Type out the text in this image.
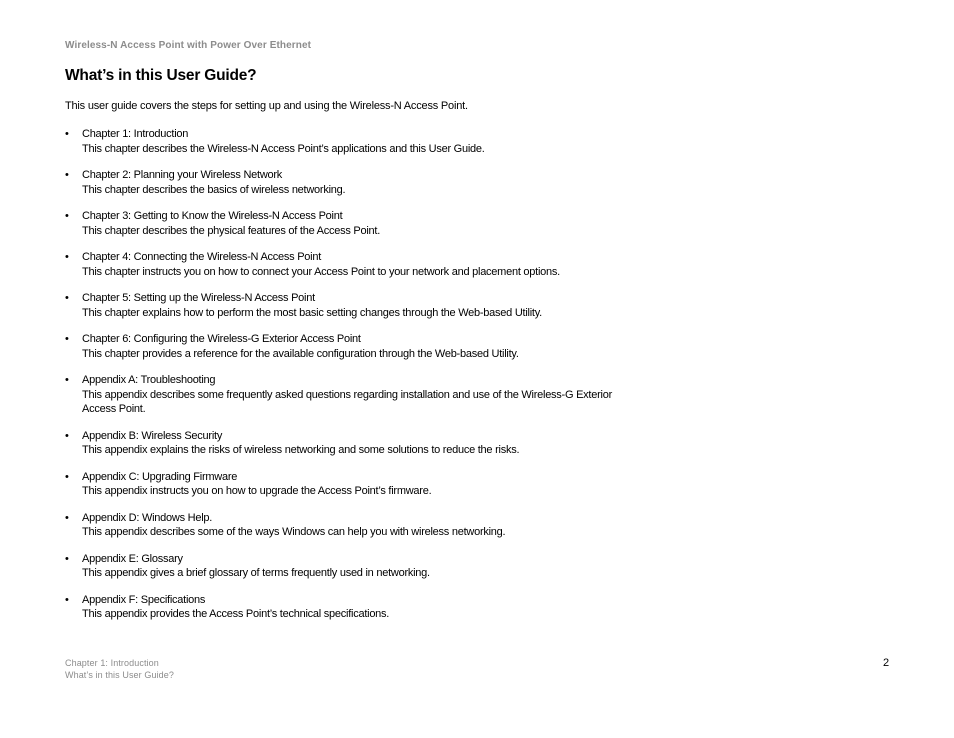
Wireless-N Access Point with Power Over Ethernet
What’s in this User Guide?

This user guide covers the steps for setting up and using the Wireless-N Access Point.

• Chapter 1: Introduction
This chapter describes the Wireless-N Access Point’s applications and this User Guide.
• Chapter 2: Planning your Wireless Network
This chapter describes the basics of wireless networking.
• Chapter 3: Getting to Know the Wireless-N Access Point
This chapter describes the physical features of the Access Point.
• Chapter 4: Connecting the Wireless-N Access Point
This chapter instructs you on how to connect your Access Point to your network and placement options.
• Chapter 5: Setting up the Wireless-N Access Point
This chapter explains how to perform the most basic setting changes through the Web-based Utility.
• Chapter 6: Configuring the Wireless-G Exterior Access Point
This chapter provides a reference for the available configuration through the Web-based Utility.
• Appendix A: Troubleshooting
This appendix describes some frequently asked questions regarding installation and use of the Wireless-G Exterior Access Point.
• Appendix B: Wireless Security
This appendix explains the risks of wireless networking and some solutions to reduce the risks.
• Appendix C: Upgrading Firmware
This appendix instructs you on how to upgrade the Access Point’s firmware.
• Appendix D: Windows Help.
This appendix describes some of the ways Windows can help you with wireless networking.
• Appendix E: Glossary
This appendix gives a brief glossary of terms frequently used in networking.
• Appendix F: Specifications
This appendix provides the Access Point’s technical specifications.
Chapter 1: Introduction
What’s in this User Guide?
2
